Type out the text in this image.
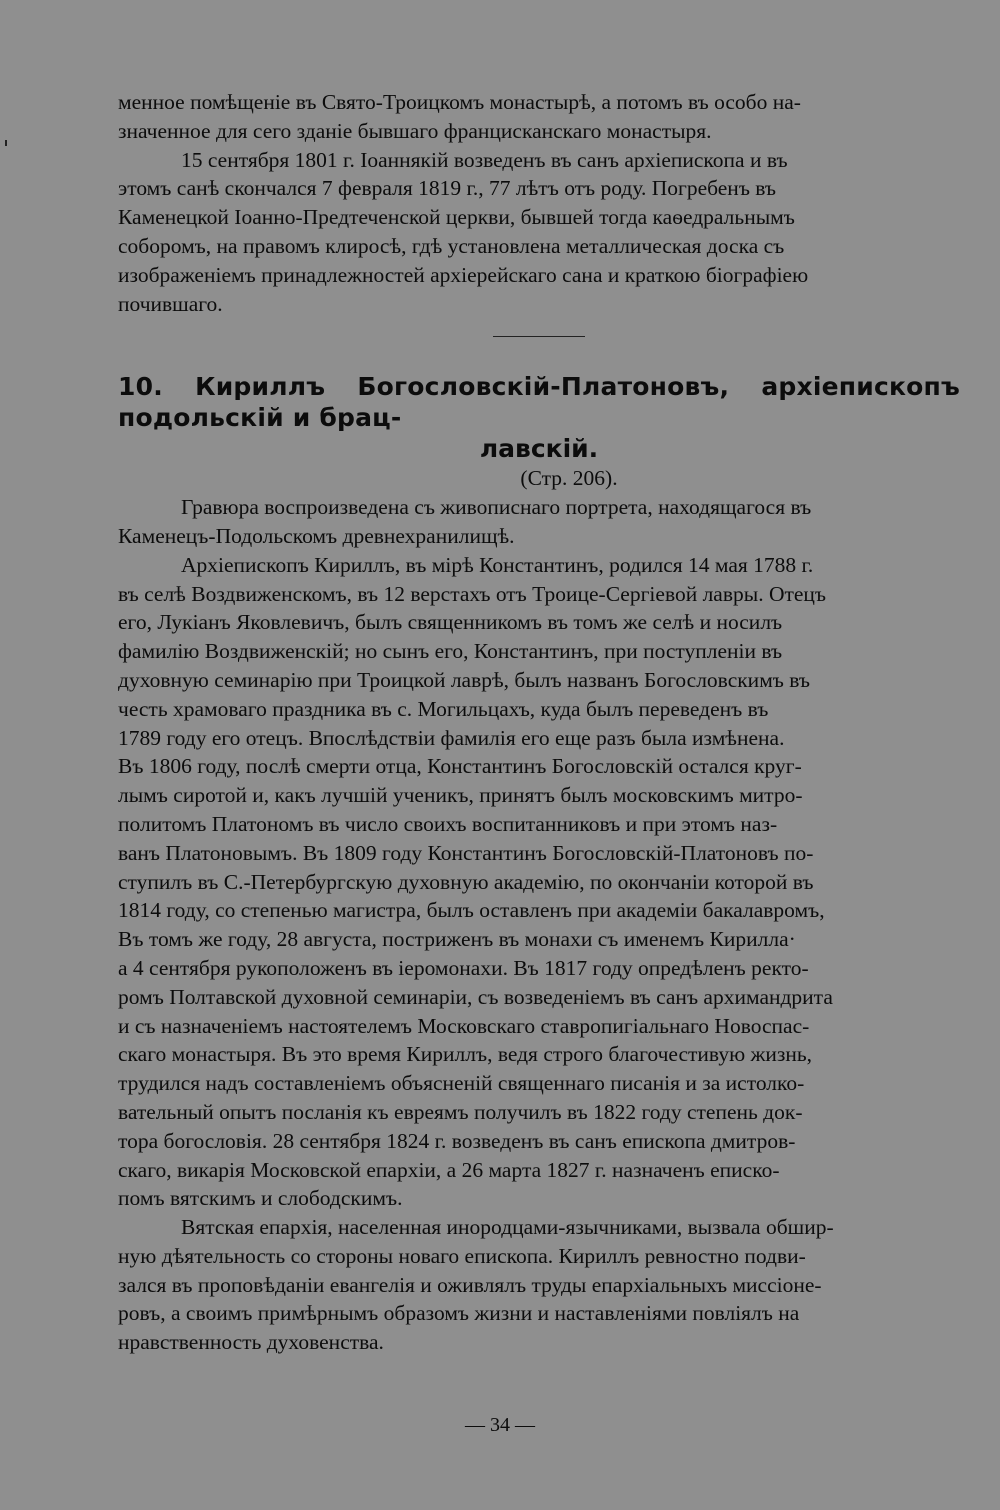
менное помѣщеніе въ Свято-Троицкомъ монастырѣ, а потомъ въ особо на-

значенное для сего зданіе бывшаго францисканскаго монастыря.

15 сентября 1801 г. Іоаннякій возведенъ въ санъ архіепископа и въ

этомъ санѣ скончался 7 февраля 1819 г., 77 лѣтъ отъ роду. Погребенъ въ

Каменецкой Іоанно-Предтеченской церкви, бывшей тогда каѳедральнымъ

соборомъ, на правомъ клиросѣ, гдѣ установлена металлическая доска съ

изображеніемъ принадлежностей архіерейскаго сана и краткою біографіею

почившаго.

10. Кириллъ Богословскій-Платоновъ, архіепископъ подольскій и брац-
лавскій.

(Стр. 206).

Гравюра воспроизведена съ живописнаго портрета, находящагося въ

Каменецъ-Подольскомъ древнехранилищѣ.

Архіепископъ Кириллъ, въ мірѣ Константинъ, родился 14 мая 1788 г.

въ селѣ Воздвиженскомъ, въ 12 верстахъ отъ Троице-Сергіевой лавры. Отецъ

его, Лукіанъ Яковлевичъ, былъ священникомъ въ томъ же селѣ и носилъ

фамилію Воздвиженскій; но сынъ его, Константинъ, при поступленіи въ

духовную семинарію при Троицкой лаврѣ, былъ названъ Богословскимъ въ

честь храмоваго праздника въ с. Могильцахъ, куда былъ переведенъ въ

1789 году его отецъ. Впослѣдствіи фамилія его еще разъ была измѣнена.

Въ 1806 году, послѣ смерти отца, Константинъ Богословскій остался круг-

лымъ сиротой и, какъ лучшій ученикъ, принятъ былъ московскимъ митро-

политомъ Платономъ въ число своихъ воспитанниковъ и при этомъ наз-

ванъ Платоновымъ. Въ 1809 году Константинъ Богословскій-Платоновъ по-

ступилъ въ С.-Петербургскую духовную академію, по окончаніи которой въ

1814 году, со степенью магистра, былъ оставленъ при академіи бакалавромъ,

Въ томъ же году, 28 августа, постриженъ въ монахи съ именемъ Кирилла·

а 4 сентября рукоположенъ въ іеромонахи. Въ 1817 году опредѣленъ ректо-

ромъ Полтавской духовной семинаріи, съ возведеніемъ въ санъ архимандрита

и съ назначеніемъ настоятелемъ Московскаго ставропигіальнаго Новоспас-

скаго монастыря. Въ это время Кириллъ, ведя строго благочестивую жизнь,

трудился надъ составленіемъ объясненій священнаго писанія и за истолко-

вательный опытъ посланія къ евреямъ получилъ въ 1822 году степень док-

тора богословія. 28 сентября 1824 г. возведенъ въ санъ епископа дмитров-

скаго, викарія Московской епархіи, а 26 марта 1827 г. назначенъ еписко-

помъ вятскимъ и слободскимъ.

Вятская епархія, населенная инородцами-язычниками, вызвала обшир-

ную дѣятельность со стороны новаго епископа. Кириллъ ревностно подви-

зался въ проповѣданіи евангелія и оживлялъ труды епархіальныхъ миссіоне-

ровъ, а своимъ примѣрнымъ образомъ жизни и наставленіями повліялъ на

нравственность духовенства.

— 34 —
